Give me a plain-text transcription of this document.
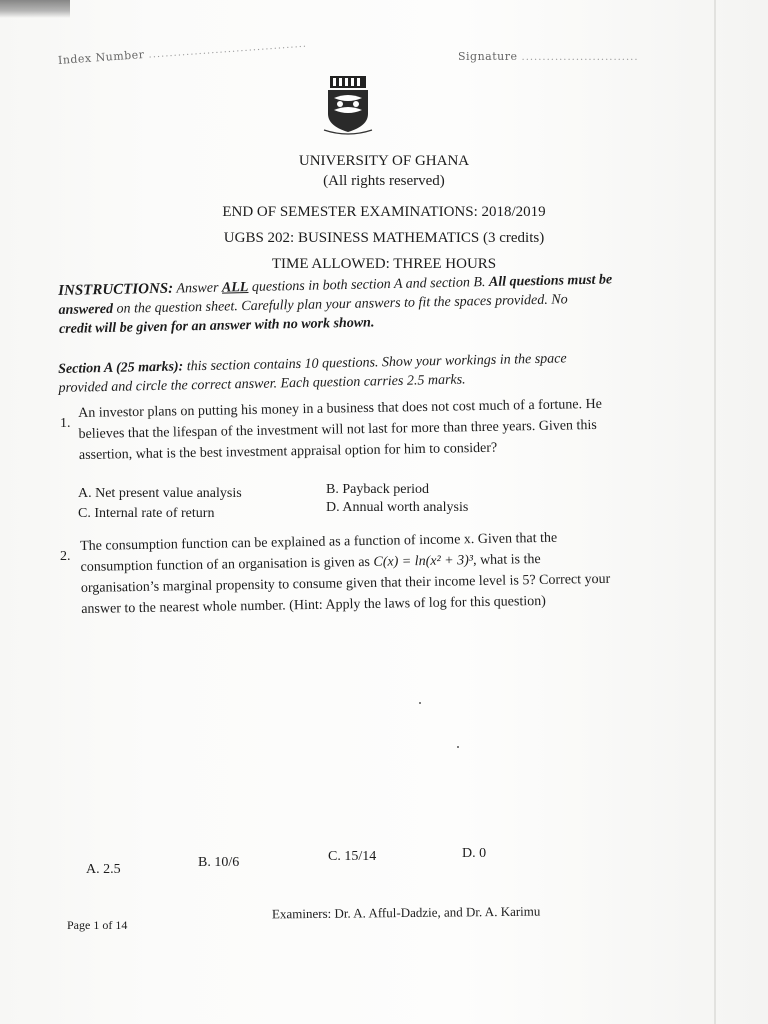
Index Number ......................................	Signature ............................
UNIVERSITY OF GHANA
(All rights reserved)
END OF SEMESTER EXAMINATIONS: 2018/2019
UGBS 202: BUSINESS MATHEMATICS (3 credits)
TIME ALLOWED: THREE HOURS
INSTRUCTIONS: Answer ALL questions in both section A and section B. All questions must be
answered on the question sheet. Carefully plan your answers to fit the spaces provided. No
credit will be given for an answer with no work shown.
Section A (25 marks): this section contains 10 questions. Show your workings in the space
provided and circle the correct answer. Each question carries 2.5 marks.
1.
An investor plans on putting his money in a business that does not cost much of a fortune. He
believes that the lifespan of the investment will not last for more than three years. Given this
assertion, what is the best investment appraisal option for him to consider?
A. Net present value analysis	B. Payback period
C. Internal rate of return	D. Annual worth analysis
2.
The consumption function can be explained as a function of income x. Given that the
consumption function of an organisation is given as C(x) = ln(x² + 3)³, what is the
organisation’s marginal propensity to consume given that their income level is 5? Correct your
answer to the nearest whole number. (Hint: Apply the laws of log for this question)
A. 2.5	B. 10/6	C. 15/14	D. 0
Page 1 of 14
Examiners: Dr. A. Afful-Dadzie, and Dr. A. Karimu
